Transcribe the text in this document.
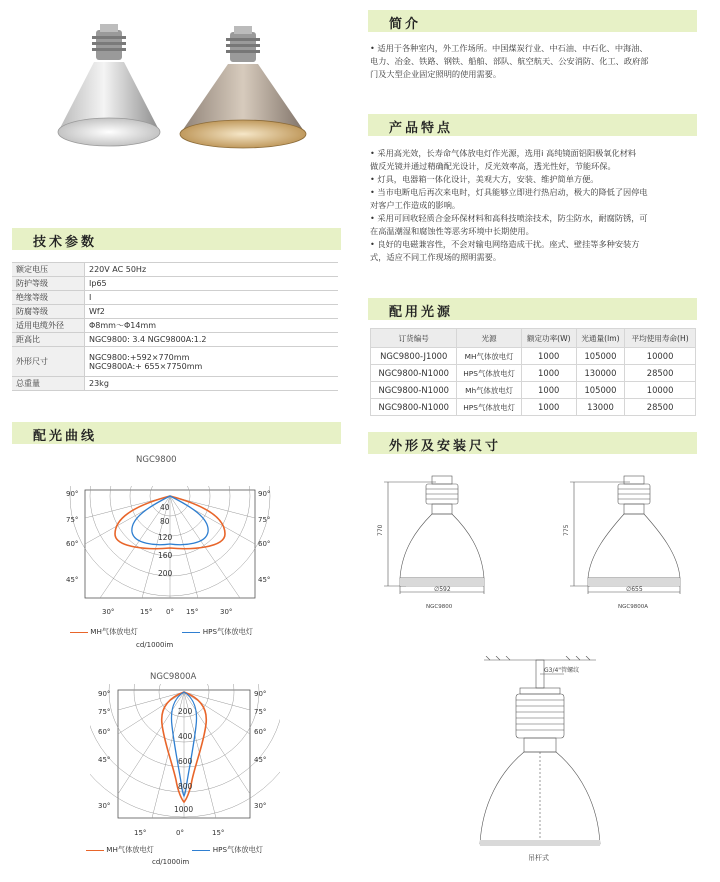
简介
• 适用于各种室内，外工作场所。中国煤炭行业、中石油、中石化、中海油、
电力、冶金、铁路、钢铁、船舶、部队、航空航天、公安消防、化工、政府部
门及大型企业固定照明的使用需要。
产品特点
• 采用高光效，长寿命气体放电灯作光源，选用i 高纯镜面铝阳极氧化材料
做反光镜并通过精确配光设计，反光效率高，透光性好，节能环保。
• 灯具，电器箱一体化设计，美观大方，安装、维护简单方便。
• 当市电断电后再次来电时，灯具能够立即进行热启动，极大的降低了因停电
对客户工作造成的影响。
• 采用可回收轻质合金环保材料和高科技喷涂技术，防尘防水，耐腐防锈，可
在高温潮湿和腐蚀性等恶劣环境中长期使用。
• 良好的电磁兼容性，不会对输电网络造成干扰。座式、壁挂等多种安装方
式，适应不同工作现场的照明需要。
配用光源
订货编号	光源	额定功率(W)	光通量(lm)	平均使用寿命(H)
NGC9800-J1000	MH气体放电灯	1000	105000	10000
NGC9800-N1000	HPS气体放电灯	1000	130000	28500
NGC9800-N1000	Mh气体放电灯	1000	105000	10000
NGC9800-N1000	HPS气体放电灯	1000	13000	28500
外形及安装尺寸
技术参数
额定电压	220V AC 50Hz
防护等级	Ip65
绝缘等级	I
防腐等级	Wf2
适用电缆外径	Φ8mm～Φ14mm
距高比	NGC9800: 3.4 NGC9800A:1.2
外形尺寸	NGC9800:+592×770mm
NGC9800A:+ 655×7750mm

总重量	23kg
配光曲线
NGC9800
40
80
120
160
200
90°	90°
75°	75°
60°	60°
45°	45°
30°	15° 0° 15°	30°
MH气体放电灯	HPS气体放电灯
cd/1000im
NGC9800A
200
400
600
800
1000
90°	90°
75°	75°
60°	60°
45°	45°
30°	30°
15°	0°	15°
MH气体放电灯	HPS气体放电灯
cd/1000im
770
∅592
NGC9800
775
∅655
NGC9800A
G3/4"管螺纹
吊杆式
